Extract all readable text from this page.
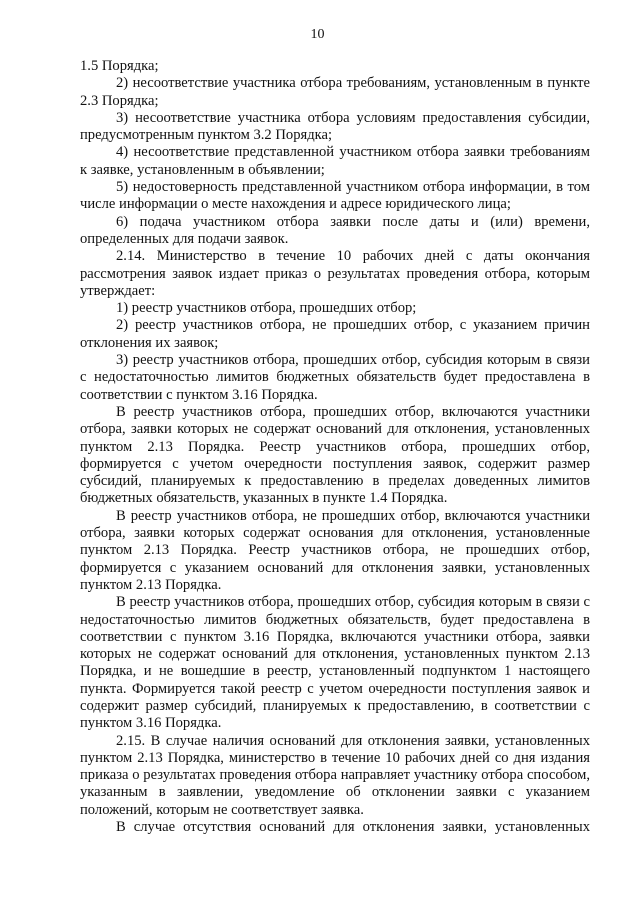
10

1.5 Порядка;

2) несоответствие участника отбора требованиям, установленным в пункте 2.3 Порядка;

3) несоответствие участника отбора условиям предоставления субсидии, предусмотренным пунктом 3.2 Порядка;

4) несоответствие представленной участником отбора заявки требованиям к заявке, установленным в объявлении;

5) недостоверность представленной участником отбора информации, в том числе информации о месте нахождения и адресе юридического лица;

6) подача участником отбора заявки после даты и (или) времени, определенных для подачи заявок.

2.14. Министерство в течение 10 рабочих дней с даты окончания рассмотрения заявок издает приказ о результатах проведения отбора, которым утверждает:

1) реестр участников отбора, прошедших отбор;

2) реестр участников отбора, не прошедших отбор, с указанием причин отклонения их заявок;

3) реестр участников отбора, прошедших отбор, субсидия которым в связи с недостаточностью лимитов бюджетных обязательств будет предоставлена в соответствии с пунктом 3.16 Порядка.

В реестр участников отбора, прошедших отбор, включаются участники отбора, заявки которых не содержат оснований для отклонения, установленных пунктом 2.13 Порядка. Реестр участников отбора, прошедших отбор, формируется с учетом очередности поступления заявок, содержит размер субсидий, планируемых к предоставлению в пределах доведенных лимитов бюджетных обязательств, указанных в пункте 1.4 Порядка.

В реестр участников отбора, не прошедших отбор, включаются участники отбора, заявки которых содержат основания для отклонения, установленные пунктом 2.13 Порядка. Реестр участников отбора, не прошедших отбор, формируется с указанием оснований для отклонения заявки, установленных пунктом 2.13 Порядка.

В реестр участников отбора, прошедших отбор, субсидия которым в связи с недостаточностью лимитов бюджетных обязательств, будет предоставлена в соответствии с пунктом 3.16 Порядка, включаются участники отбора, заявки которых не содержат оснований для отклонения, установленных пунктом 2.13 Порядка, и не вошедшие в реестр, установленный подпунктом 1 настоящего пункта. Формируется такой реестр с учетом очередности поступления заявок и содержит размер субсидий, планируемых к предоставлению, в соответствии с пунктом 3.16 Порядка.

2.15. В случае наличия оснований для отклонения заявки, установленных пунктом 2.13 Порядка, министерство в течение 10 рабочих дней со дня издания приказа о результатах проведения отбора направляет участнику отбора способом, указанным в заявлении, уведомление об отклонении заявки с указанием положений, которым не соответствует заявка.

В случае отсутствия оснований для отклонения заявки, установленных
